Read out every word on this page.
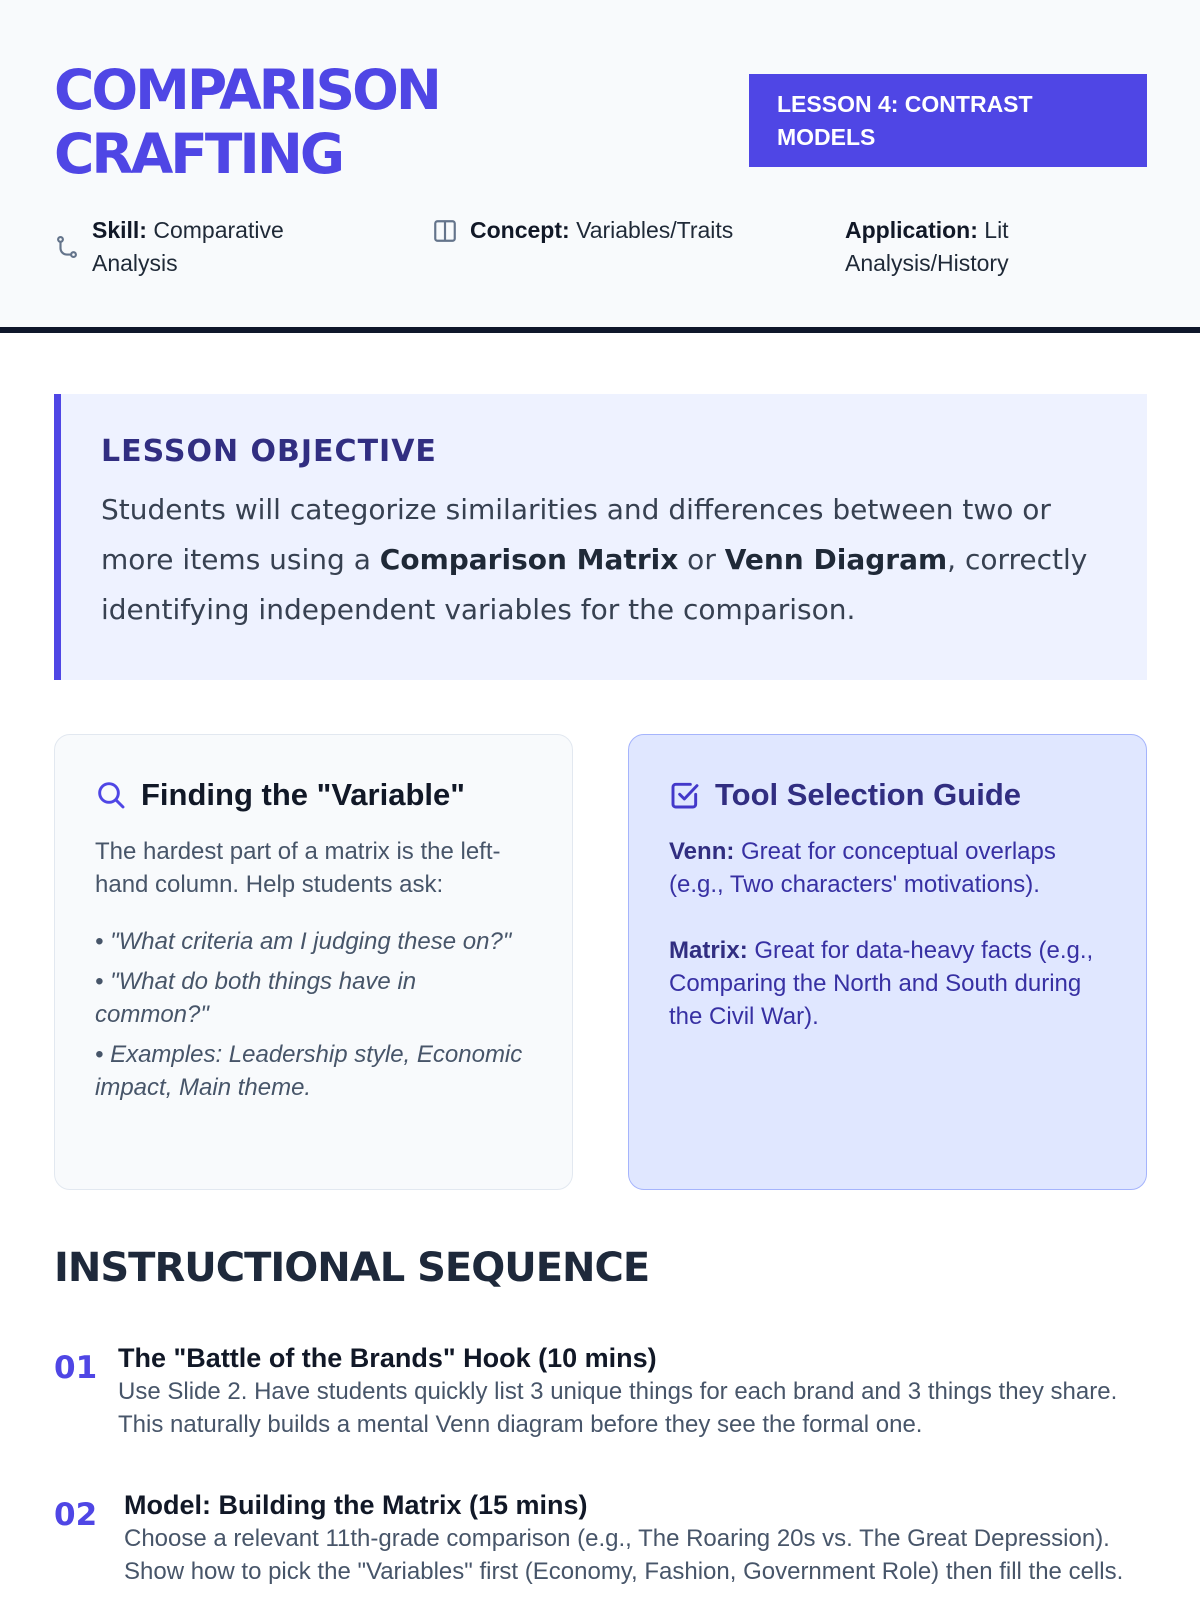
COMPARISON
CRAFTING
LESSON 4: CONTRAST MODELS
Skill: Comparative Analysis
Concept: Variables/Traits	Application: Lit Analysis/History
LESSON OBJECTIVE
Students will categorize similarities and differences between two or more items using a Comparison Matrix or Venn Diagram, correctly identifying independent variables for the comparison.
Finding the "Variable"
The hardest part of a matrix is the left-hand column. Help students ask:
• "What criteria am I judging these on?"
• "What do both things have in common?"
• Examples: Leadership style, Economic impact, Main theme.
Tool Selection Guide
Venn: Great for conceptual overlaps (e.g., Two characters' motivations).
Matrix: Great for data-heavy facts (e.g., Comparing the North and South during the Civil War).
INSTRUCTIONAL SEQUENCE
01 The "Battle of the Brands" Hook (10 mins)
Use Slide 2. Have students quickly list 3 unique things for each brand and 3 things they share. This naturally builds a mental Venn diagram before they see the formal one.
02 Model: Building the Matrix (15 mins)
Choose a relevant 11th-grade comparison (e.g., The Roaring 20s vs. The Great Depression). Show how to pick the "Variables" first (Economy, Fashion, Government Role) then fill the cells.
